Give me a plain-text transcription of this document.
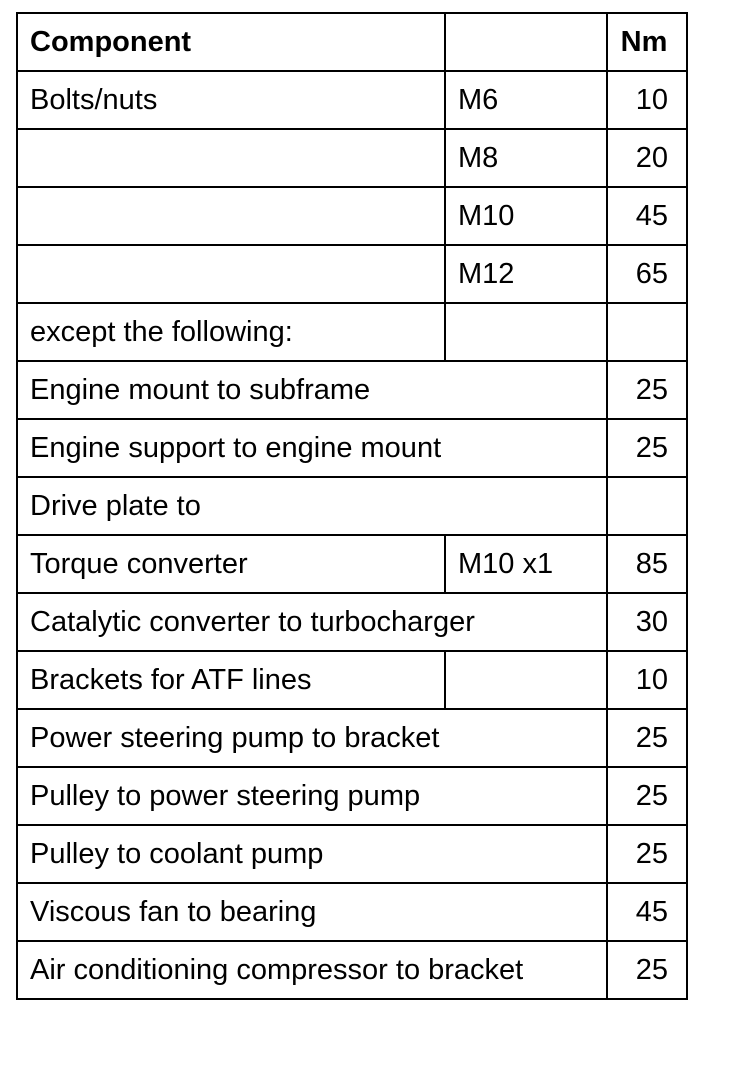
Component		Nm
Bolts/nuts	M6	10
	M8	20
	M10	45
	M12	65
except the following:		
Engine mount to subframe		25
Engine support to engine mount		25
Drive plate to		
Torque converter	M10 x1	85
Catalytic converter to turbocharger		30
Brackets for ATF lines		10
Power steering pump to bracket		25
Pulley to power steering pump		25
Pulley to coolant pump		25
Viscous fan to bearing		45
Air conditioning compressor to bracket		25
